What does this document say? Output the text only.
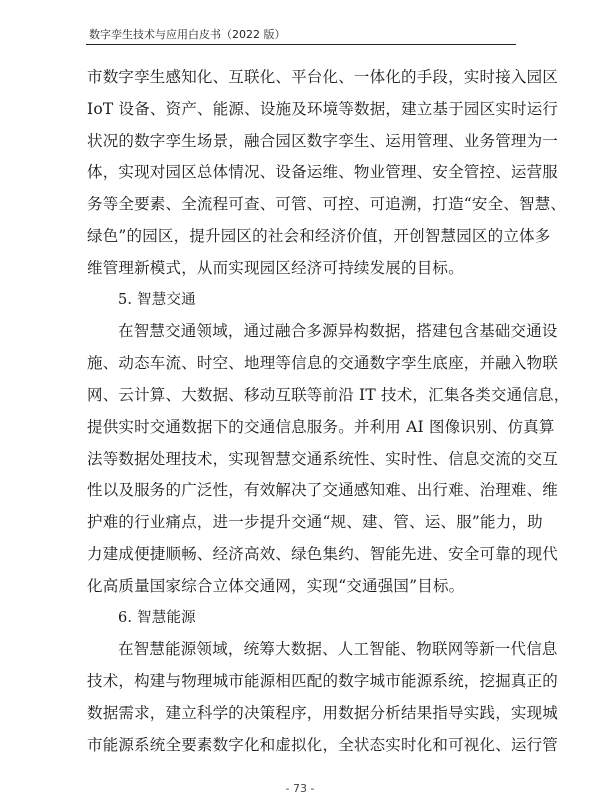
数字孪生技术与应用白皮书（2022 版）
市数字孪生感知化、互联化、平台化、一体化的手段，实时接入园区
IoT 设备、资产、能源、设施及环境等数据，建立基于园区实时运行
状况的数字孪生场景，融合园区数字孪生、运用管理、业务管理为一
体，实现对园区总体情况、设备运维、物业管理、安全管控、运营服
务等全要素、全流程可查、可管、可控、可追溯，打造“安全、智慧、
绿色”的园区，提升园区的社会和经济价值，开创智慧园区的立体多
维管理新模式，从而实现园区经济可持续发展的目标。
5. 智慧交通
在智慧交通领域，通过融合多源异构数据，搭建包含基础交通设
施、动态车流、时空、地理等信息的交通数字孪生底座，并融入物联
网、云计算、大数据、移动互联等前沿 IT 技术，汇集各类交通信息，
提供实时交通数据下的交通信息服务。并利用 AI 图像识别、仿真算
法等数据处理技术，实现智慧交通系统性、实时性、信息交流的交互
性以及服务的广泛性，有效解决了交通感知难、出行难、治理难、维
护难的行业痛点，进一步提升交通“规、建、管、运、服”能力，助
力建成便捷顺畅、经济高效、绿色集约、智能先进、安全可靠的现代
化高质量国家综合立体交通网，实现“交通强国”目标。
6. 智慧能源
在智慧能源领域，统筹大数据、人工智能、物联网等新一代信息
技术，构建与物理城市能源相匹配的数字城市能源系统，挖掘真正的
数据需求，建立科学的决策程序，用数据分析结果指导实践，实现城
市能源系统全要素数字化和虚拟化，全状态实时化和可视化、运行管
- 73 -
